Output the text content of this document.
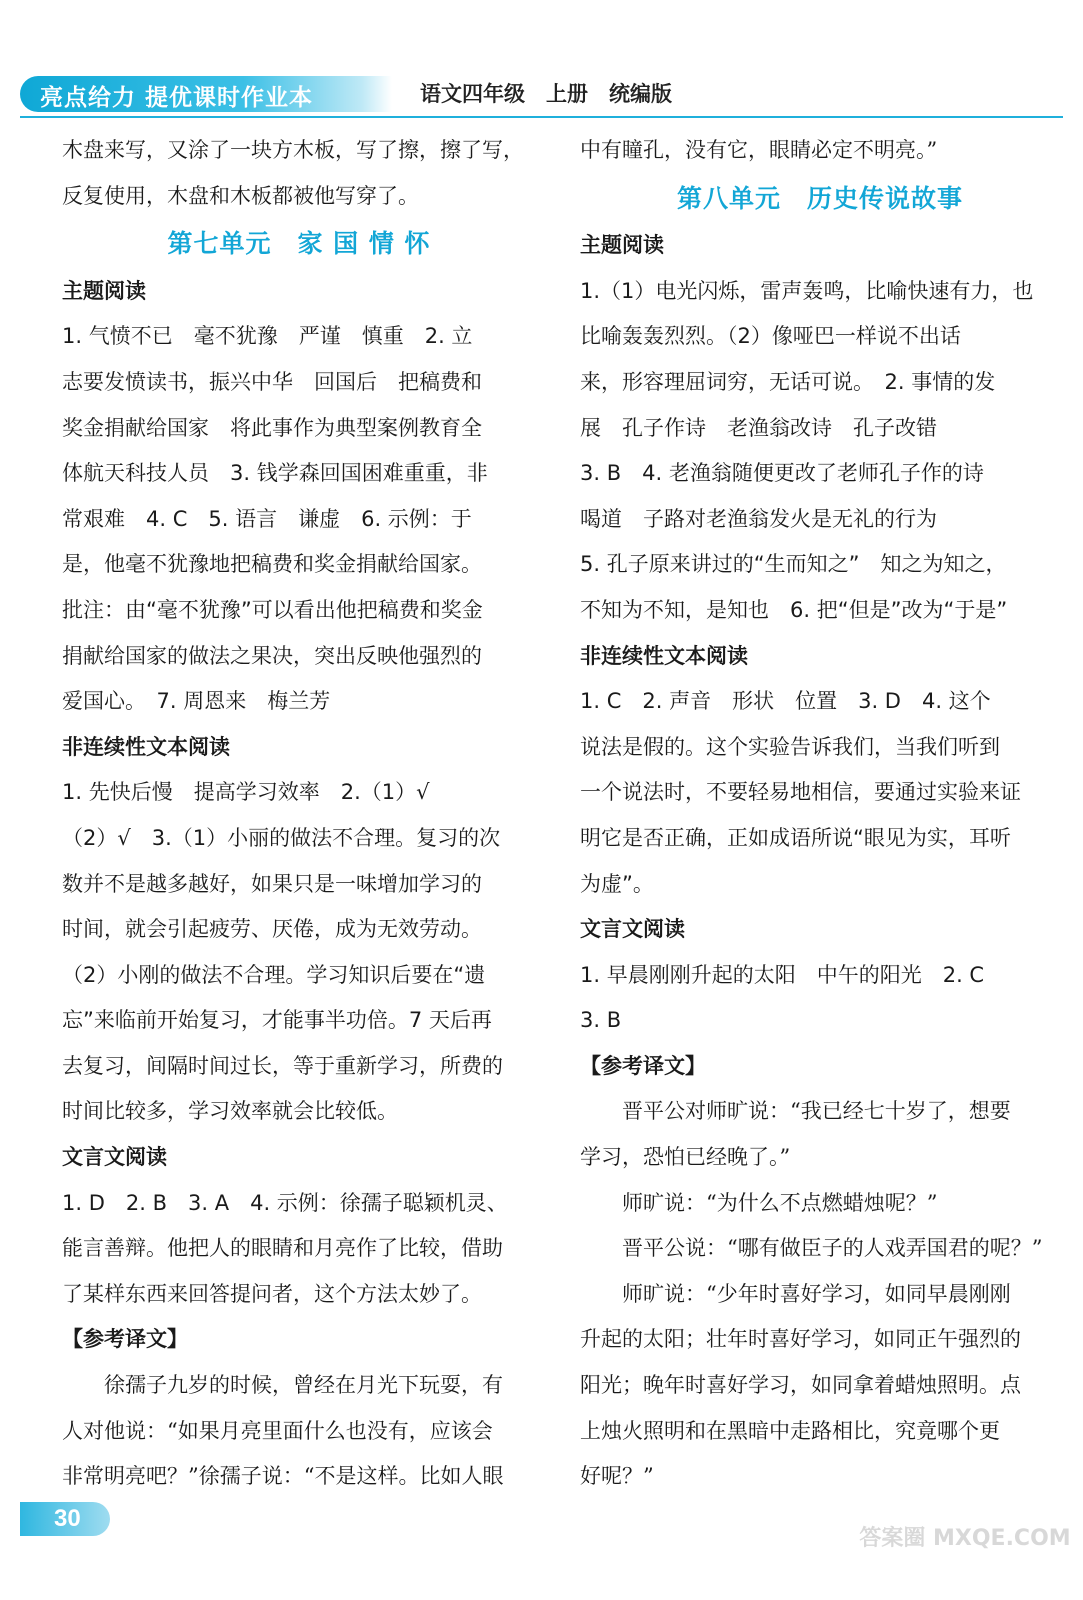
亮点给力 提优课时作业本	语文四年级　上册　统编版

木盘来写，又涂了一块方木板，写了擦，擦了写，

反复使用，木盘和木板都被他写穿了。

第七单元　家 国 情 怀

主题阅读

1. 气愤不已　毫不犹豫　严谨　慎重　2. 立

志要发愤读书，振兴中华　回国后　把稿费和

奖金捐献给国家　将此事作为典型案例教育全

体航天科技人员　3. 钱学森回国困难重重，非

常艰难　4. C　5. 语言　谦虚　6. 示例：于

是，他毫不犹豫地把稿费和奖金捐献给国家。

批注：由“毫不犹豫”可以看出他把稿费和奖金

捐献给国家的做法之果决，突出反映他强烈的

爱国心。　7. 周恩来　梅兰芳

非连续性文本阅读

1. 先快后慢　提高学习效率　2.（1）√

（2）√　3.（1）小丽的做法不合理。复习的次

数并不是越多越好，如果只是一味增加学习的

时间，就会引起疲劳、厌倦，成为无效劳动。

（2）小刚的做法不合理。学习知识后要在“遗

忘”来临前开始复习，才能事半功倍。7 天后再

去复习，间隔时间过长，等于重新学习，所费的

时间比较多，学习效率就会比较低。

文言文阅读

1. D　2. B　3. A　4. 示例：徐孺子聪颖机灵、

能言善辩。他把人的眼睛和月亮作了比较，借助

了某样东西来回答提问者，这个方法太妙了。

【参考译文】

徐孺子九岁的时候，曾经在月光下玩耍，有

人对他说：“如果月亮里面什么也没有，应该会

非常明亮吧？”徐孺子说：“不是这样。比如人眼

中有瞳孔，没有它，眼睛必定不明亮。”

第八单元　历史传说故事

主题阅读

1.（1）电光闪烁，雷声轰鸣，比喻快速有力，也

比喻轰轰烈烈。（2）像哑巴一样说不出话

来，形容理屈词穷，无话可说。　2. 事情的发

展　孔子作诗　老渔翁改诗　孔子改错

3. B　4. 老渔翁随便更改了老师孔子作的诗

喝道　子路对老渔翁发火是无礼的行为

5. 孔子原来讲过的“生而知之”　知之为知之，

不知为不知，是知也　6. 把“但是”改为“于是”

非连续性文本阅读

1. C　2. 声音　形状　位置　3. D　4. 这个

说法是假的。这个实验告诉我们，当我们听到

一个说法时，不要轻易地相信，要通过实验来证

明它是否正确，正如成语所说“眼见为实，耳听

为虚”。

文言文阅读

1. 早晨刚刚升起的太阳　中午的阳光　2. C

3. B

【参考译文】

晋平公对师旷说：“我已经七十岁了，想要

学习，恐怕已经晚了。”

师旷说：“为什么不点燃蜡烛呢？”

晋平公说：“哪有做臣子的人戏弄国君的呢？”

师旷说：“少年时喜好学习，如同早晨刚刚

升起的太阳；壮年时喜好学习，如同正午强烈的

阳光；晚年时喜好学习，如同拿着蜡烛照明。点

上烛火照明和在黑暗中走路相比，究竟哪个更

好呢？”

30
答案圈 MXQE.COM
